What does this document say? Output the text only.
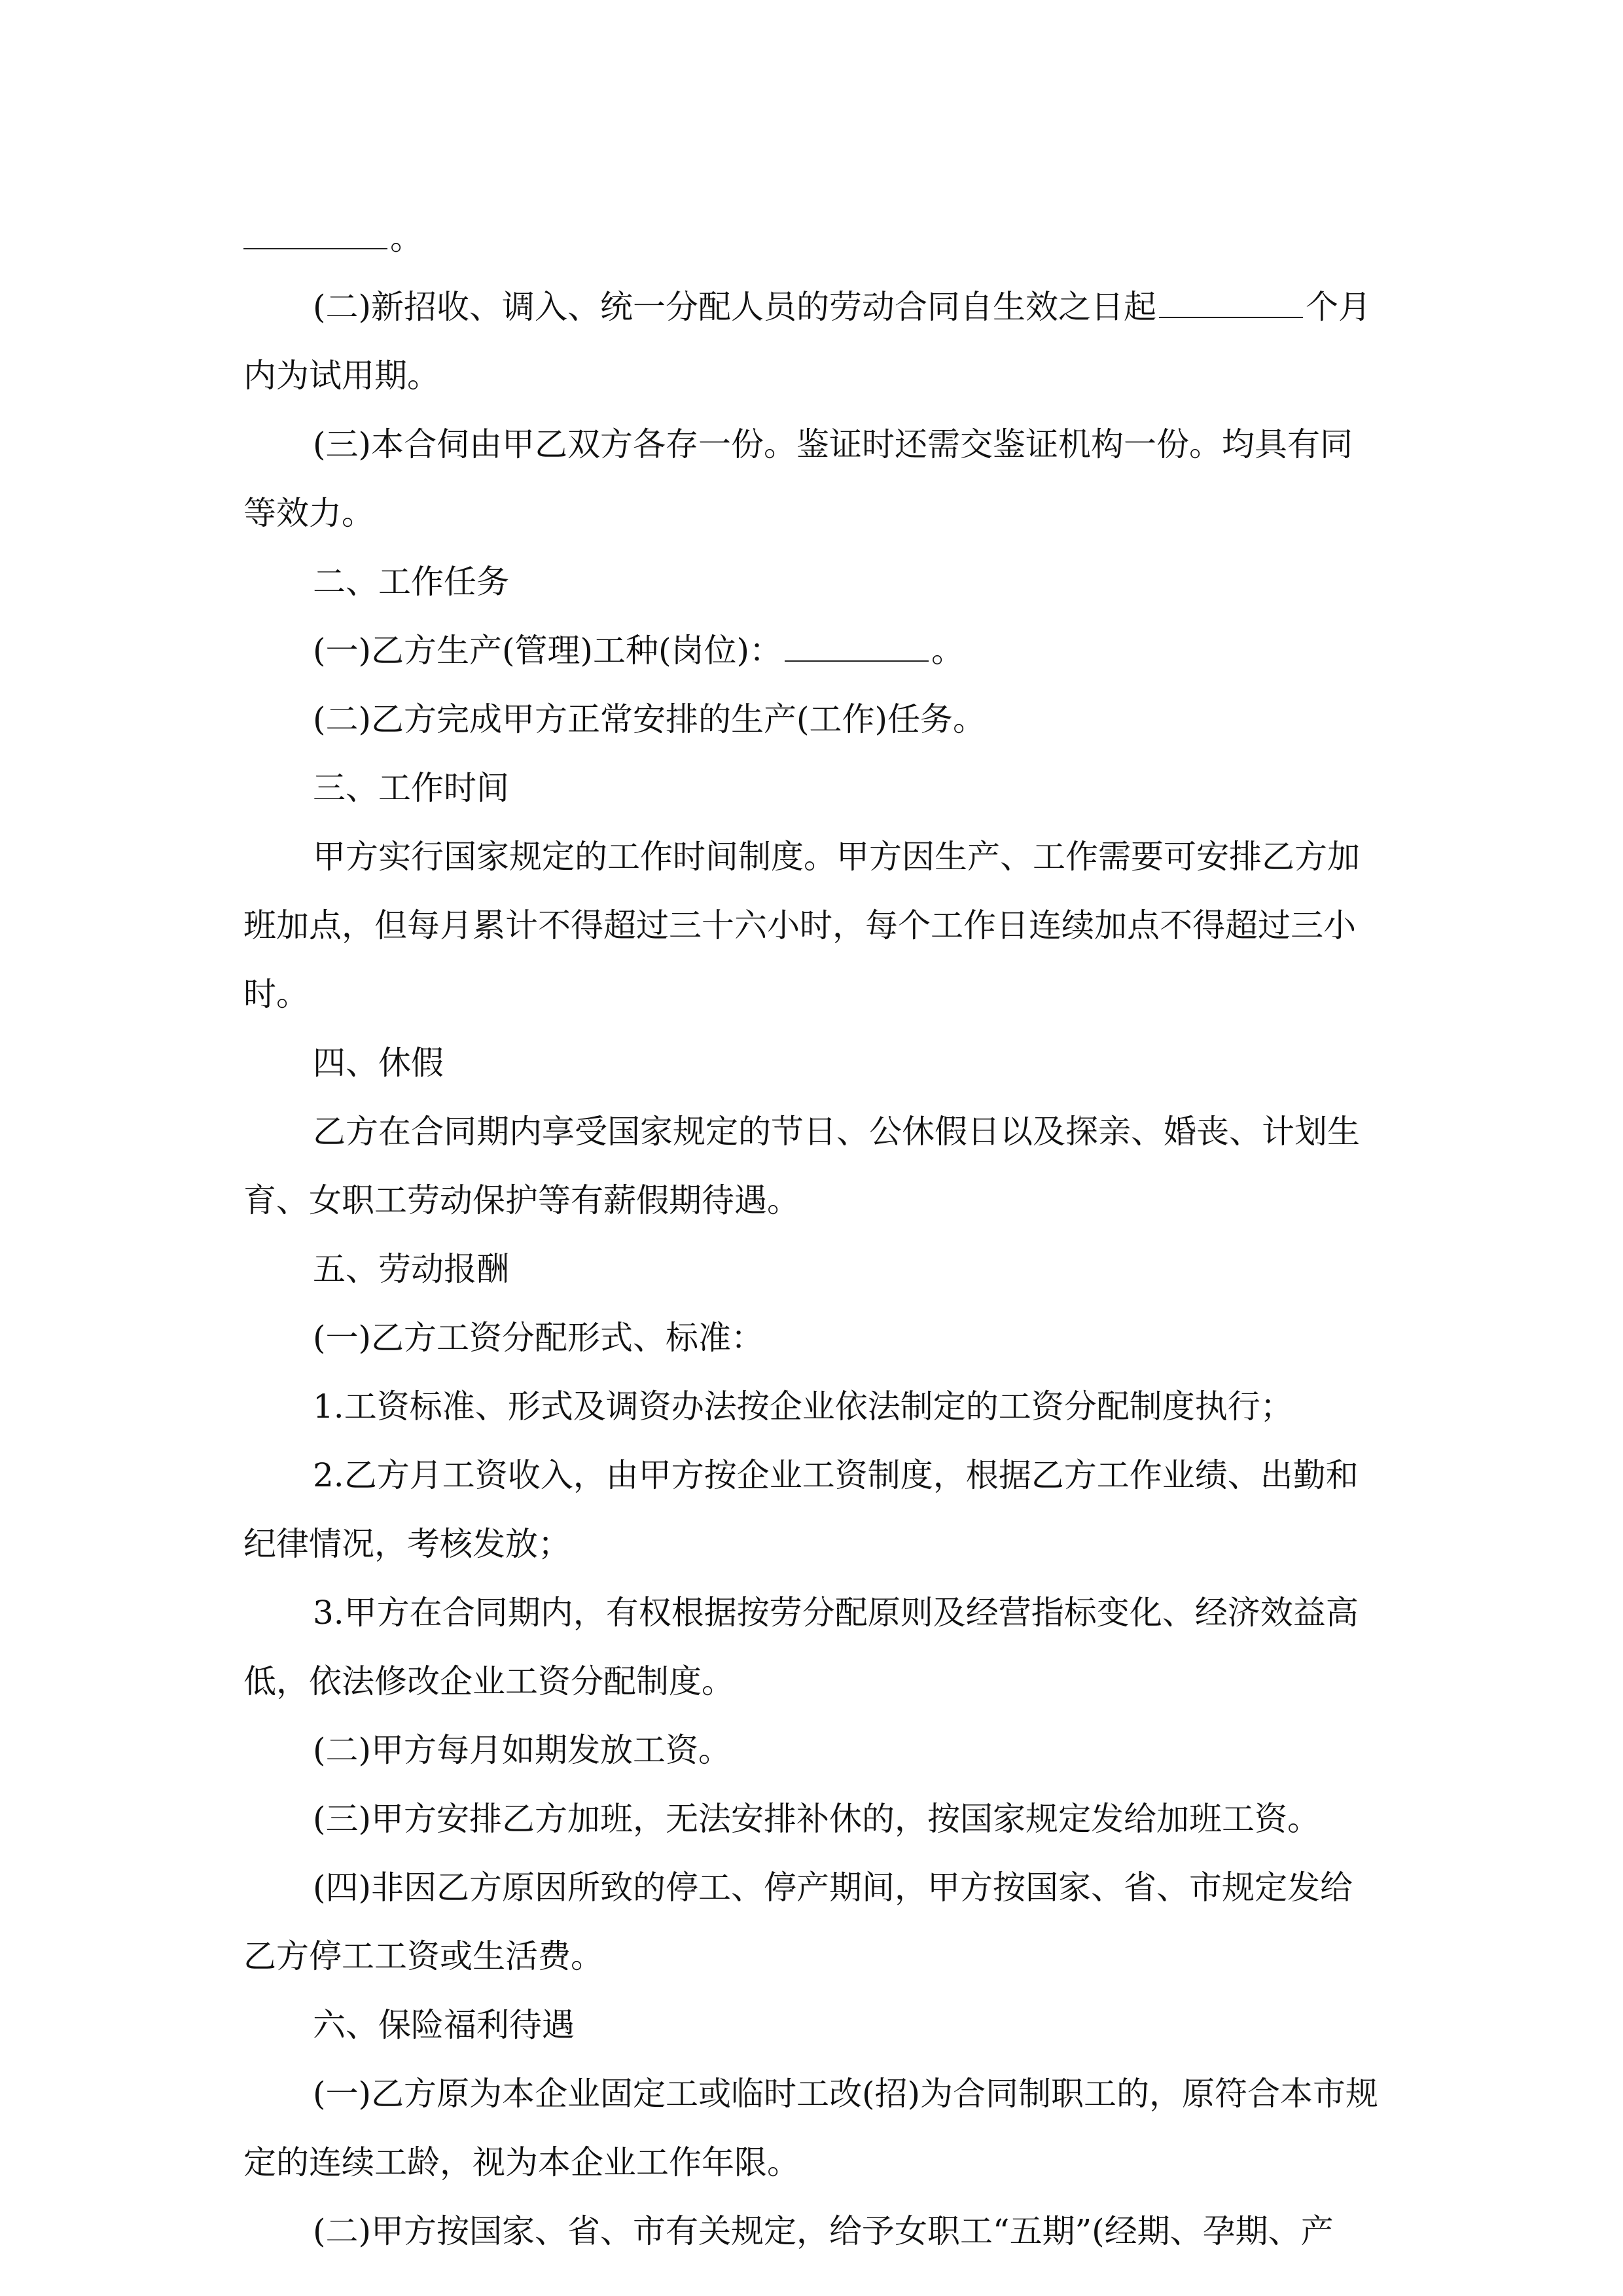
。

(二)新招收、调入、统一分配人员的劳动合同自生效之日起	个月内为试用期。

(三)本合伺由甲乙双方各存一份。鉴证时还需交鉴证机构一份。均具有同等效力。

二、工作任务

(一)乙方生产(管理)工种(岗位)：	。

(二)乙方完成甲方正常安排的生产(工作)任务。

三、工作时间

甲方实行国家规定的工作时间制度。甲方因生产、工作需要可安排乙方加班加点，但每月累计不得超过三十六小时，每个工作日连续加点不得超过三小时。

四、休假

乙方在合同期内享受国家规定的节日、公休假日以及探亲、婚丧、计划生育、女职工劳动保护等有薪假期待遇。

五、劳动报酬

(一)乙方工资分配形式、标准：

1.工资标准、形式及调资办法按企业依法制定的工资分配制度执行；

2.乙方月工资收入，由甲方按企业工资制度，根据乙方工作业绩、出勤和纪律情况，考核发放；

3.甲方在合同期内，有权根据按劳分配原则及经营指标变化、经济效益高低，依法修改企业工资分配制度。

(二)甲方每月如期发放工资。

(三)甲方安排乙方加班，无法安排补休的，按国家规定发给加班工资。

(四)非因乙方原因所致的停工、停产期间，甲方按国家、省、市规定发给乙方停工工资或生活费。

六、保险福利待遇

(一)乙方原为本企业固定工或临时工改(招)为合同制职工的，原符合本市规定的连续工龄，视为本企业工作年限。

(二)甲方按国家、省、市有关规定，给予女职工“五期”(经期、孕期、产
